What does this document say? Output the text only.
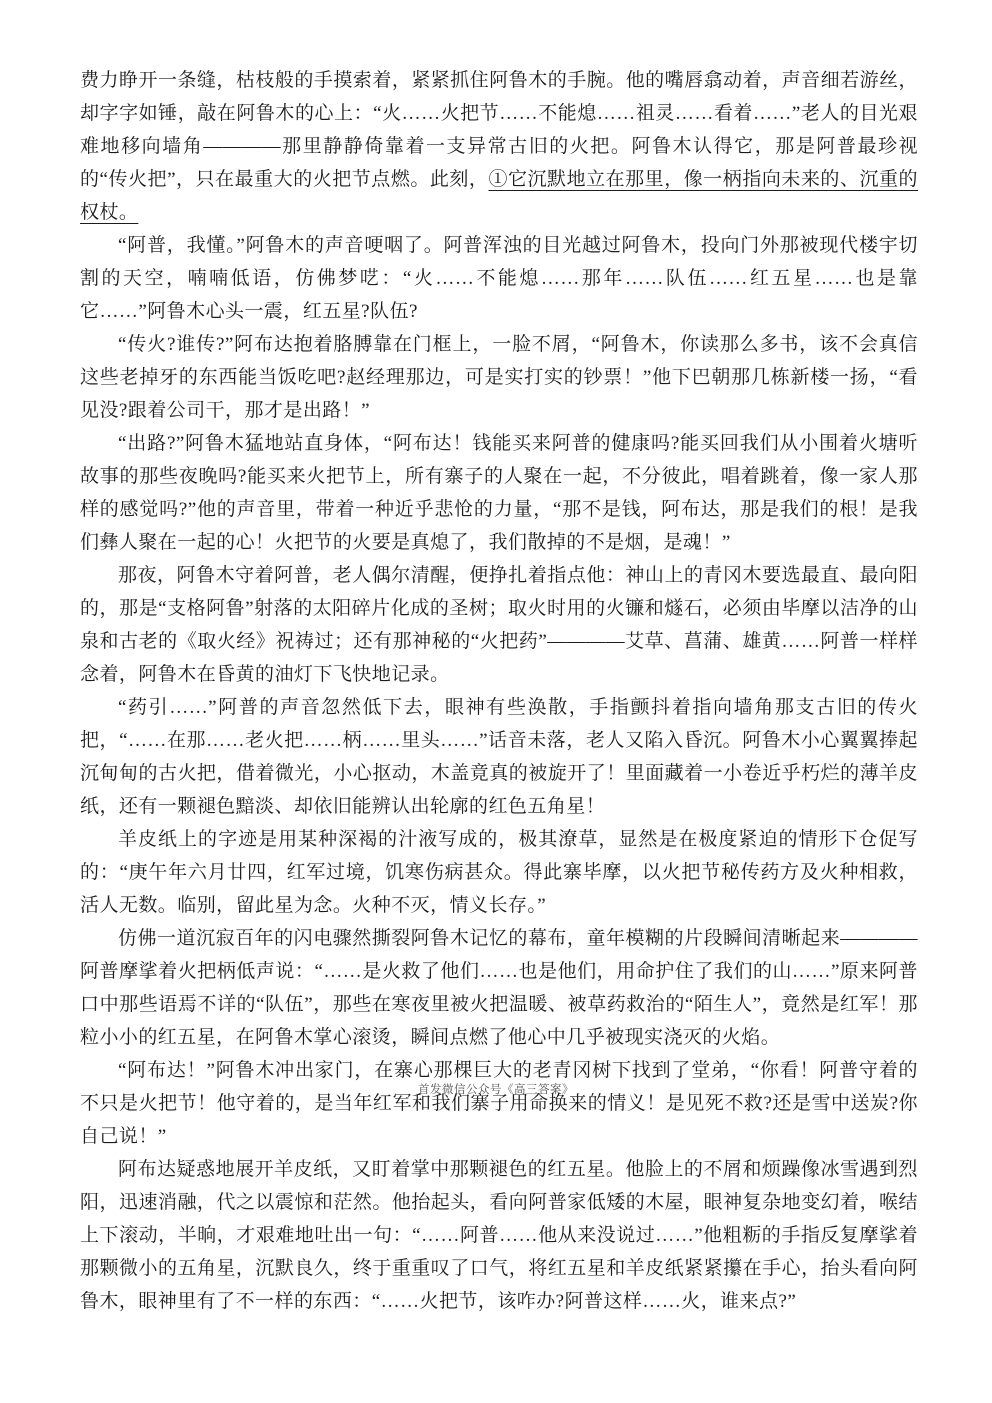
费力睁开一条缝，枯枝般的手摸索着，紧紧抓住阿鲁木的手腕。他的嘴唇翕动着，声音细若游丝，却字字如锤，敲在阿鲁木的心上：“火……火把节……不能熄……祖灵……看着……”老人的目光艰难地移向墙角————那里静静倚靠着一支异常古旧的火把。阿鲁木认得它，那是阿普最珍视的“传火把”，只在最重大的火把节点燃。此刻，①它沉默地立在那里，像一柄指向未来的、沉重的权杖。

“阿普，我懂。”阿鲁木的声音哽咽了。阿普浑浊的目光越过阿鲁木，投向门外那被现代楼宇切割的天空，喃喃低语，仿佛梦呓：“火……不能熄……那年……队伍……红五星……也是靠它……”阿鲁木心头一震，红五星?队伍?

“传火?谁传?”阿布达抱着胳膊靠在门框上，一脸不屑，“阿鲁木，你读那么多书，该不会真信这些老掉牙的东西能当饭吃吧?赵经理那边，可是实打实的钞票！”他下巴朝那几栋新楼一扬，“看见没?跟着公司干，那才是出路！”

“出路?”阿鲁木猛地站直身体，“阿布达！钱能买来阿普的健康吗?能买回我们从小围着火塘听故事的那些夜晚吗?能买来火把节上，所有寨子的人聚在一起，不分彼此，唱着跳着，像一家人那样的感觉吗?”他的声音里，带着一种近乎悲怆的力量，“那不是钱，阿布达，那是我们的根！是我们彝人聚在一起的心！火把节的火要是真熄了，我们散掉的不是烟，是魂！”

那夜，阿鲁木守着阿普，老人偶尔清醒，便挣扎着指点他：神山上的青冈木要选最直、最向阳的，那是“支格阿鲁”射落的太阳碎片化成的圣树；取火时用的火镰和燧石，必须由毕摩以洁净的山泉和古老的《取火经》祝祷过；还有那神秘的“火把药”————艾草、菖蒲、雄黄……阿普一样样念着，阿鲁木在昏黄的油灯下飞快地记录。

“药引……”阿普的声音忽然低下去，眼神有些涣散，手指颤抖着指向墙角那支古旧的传火把，“……在那……老火把……柄……里头……”话音未落，老人又陷入昏沉。阿鲁木小心翼翼捧起沉甸甸的古火把，借着微光，小心抠动，木盖竟真的被旋开了！里面藏着一小卷近乎朽烂的薄羊皮纸，还有一颗褪色黯淡、却依旧能辨认出轮廓的红色五角星！

羊皮纸上的字迹是用某种深褐的汁液写成的，极其潦草，显然是在极度紧迫的情形下仓促写的：“庚午年六月廿四，红军过境，饥寒伤病甚众。得此寨毕摩，以火把节秘传药方及火种相救，活人无数。临别，留此星为念。火种不灭，情义长存。”

仿佛一道沉寂百年的闪电骤然撕裂阿鲁木记忆的幕布，童年模糊的片段瞬间清晰起来————阿普摩挲着火把柄低声说：“……是火救了他们……也是他们，用命护住了我们的山……”原来阿普口中那些语焉不详的“队伍”，那些在寒夜里被火把温暖、被草药救治的“陌生人”，竟然是红军！那粒小小的红五星，在阿鲁木掌心滚烫，瞬间点燃了他心中几乎被现实浇灭的火焰。

“阿布达！”阿鲁木冲出家门，在寨心那棵巨大的老青冈树下找到了堂弟，“你看！阿普守着的不只是火把节！他守着的，是当年红军和我们寨子用命换来的情义！是见死不救?还是雪中送炭?你自己说！”

阿布达疑惑地展开羊皮纸，又盯着掌中那颗褪色的红五星。他脸上的不屑和烦躁像冰雪遇到烈阳，迅速消融，代之以震惊和茫然。他抬起头，看向阿普家低矮的木屋，眼神复杂地变幻着，喉结上下滚动，半晌，才艰难地吐出一句：“……阿普……他从来没说过……”他粗粝的手指反复摩挲着那颗微小的五角星，沉默良久，终于重重叹了口气，将红五星和羊皮纸紧紧攥在手心，抬头看向阿鲁木，眼神里有了不一样的东西：“……火把节，该咋办?阿普这样……火，谁来点?”

首发微信公众号《高三答案》
